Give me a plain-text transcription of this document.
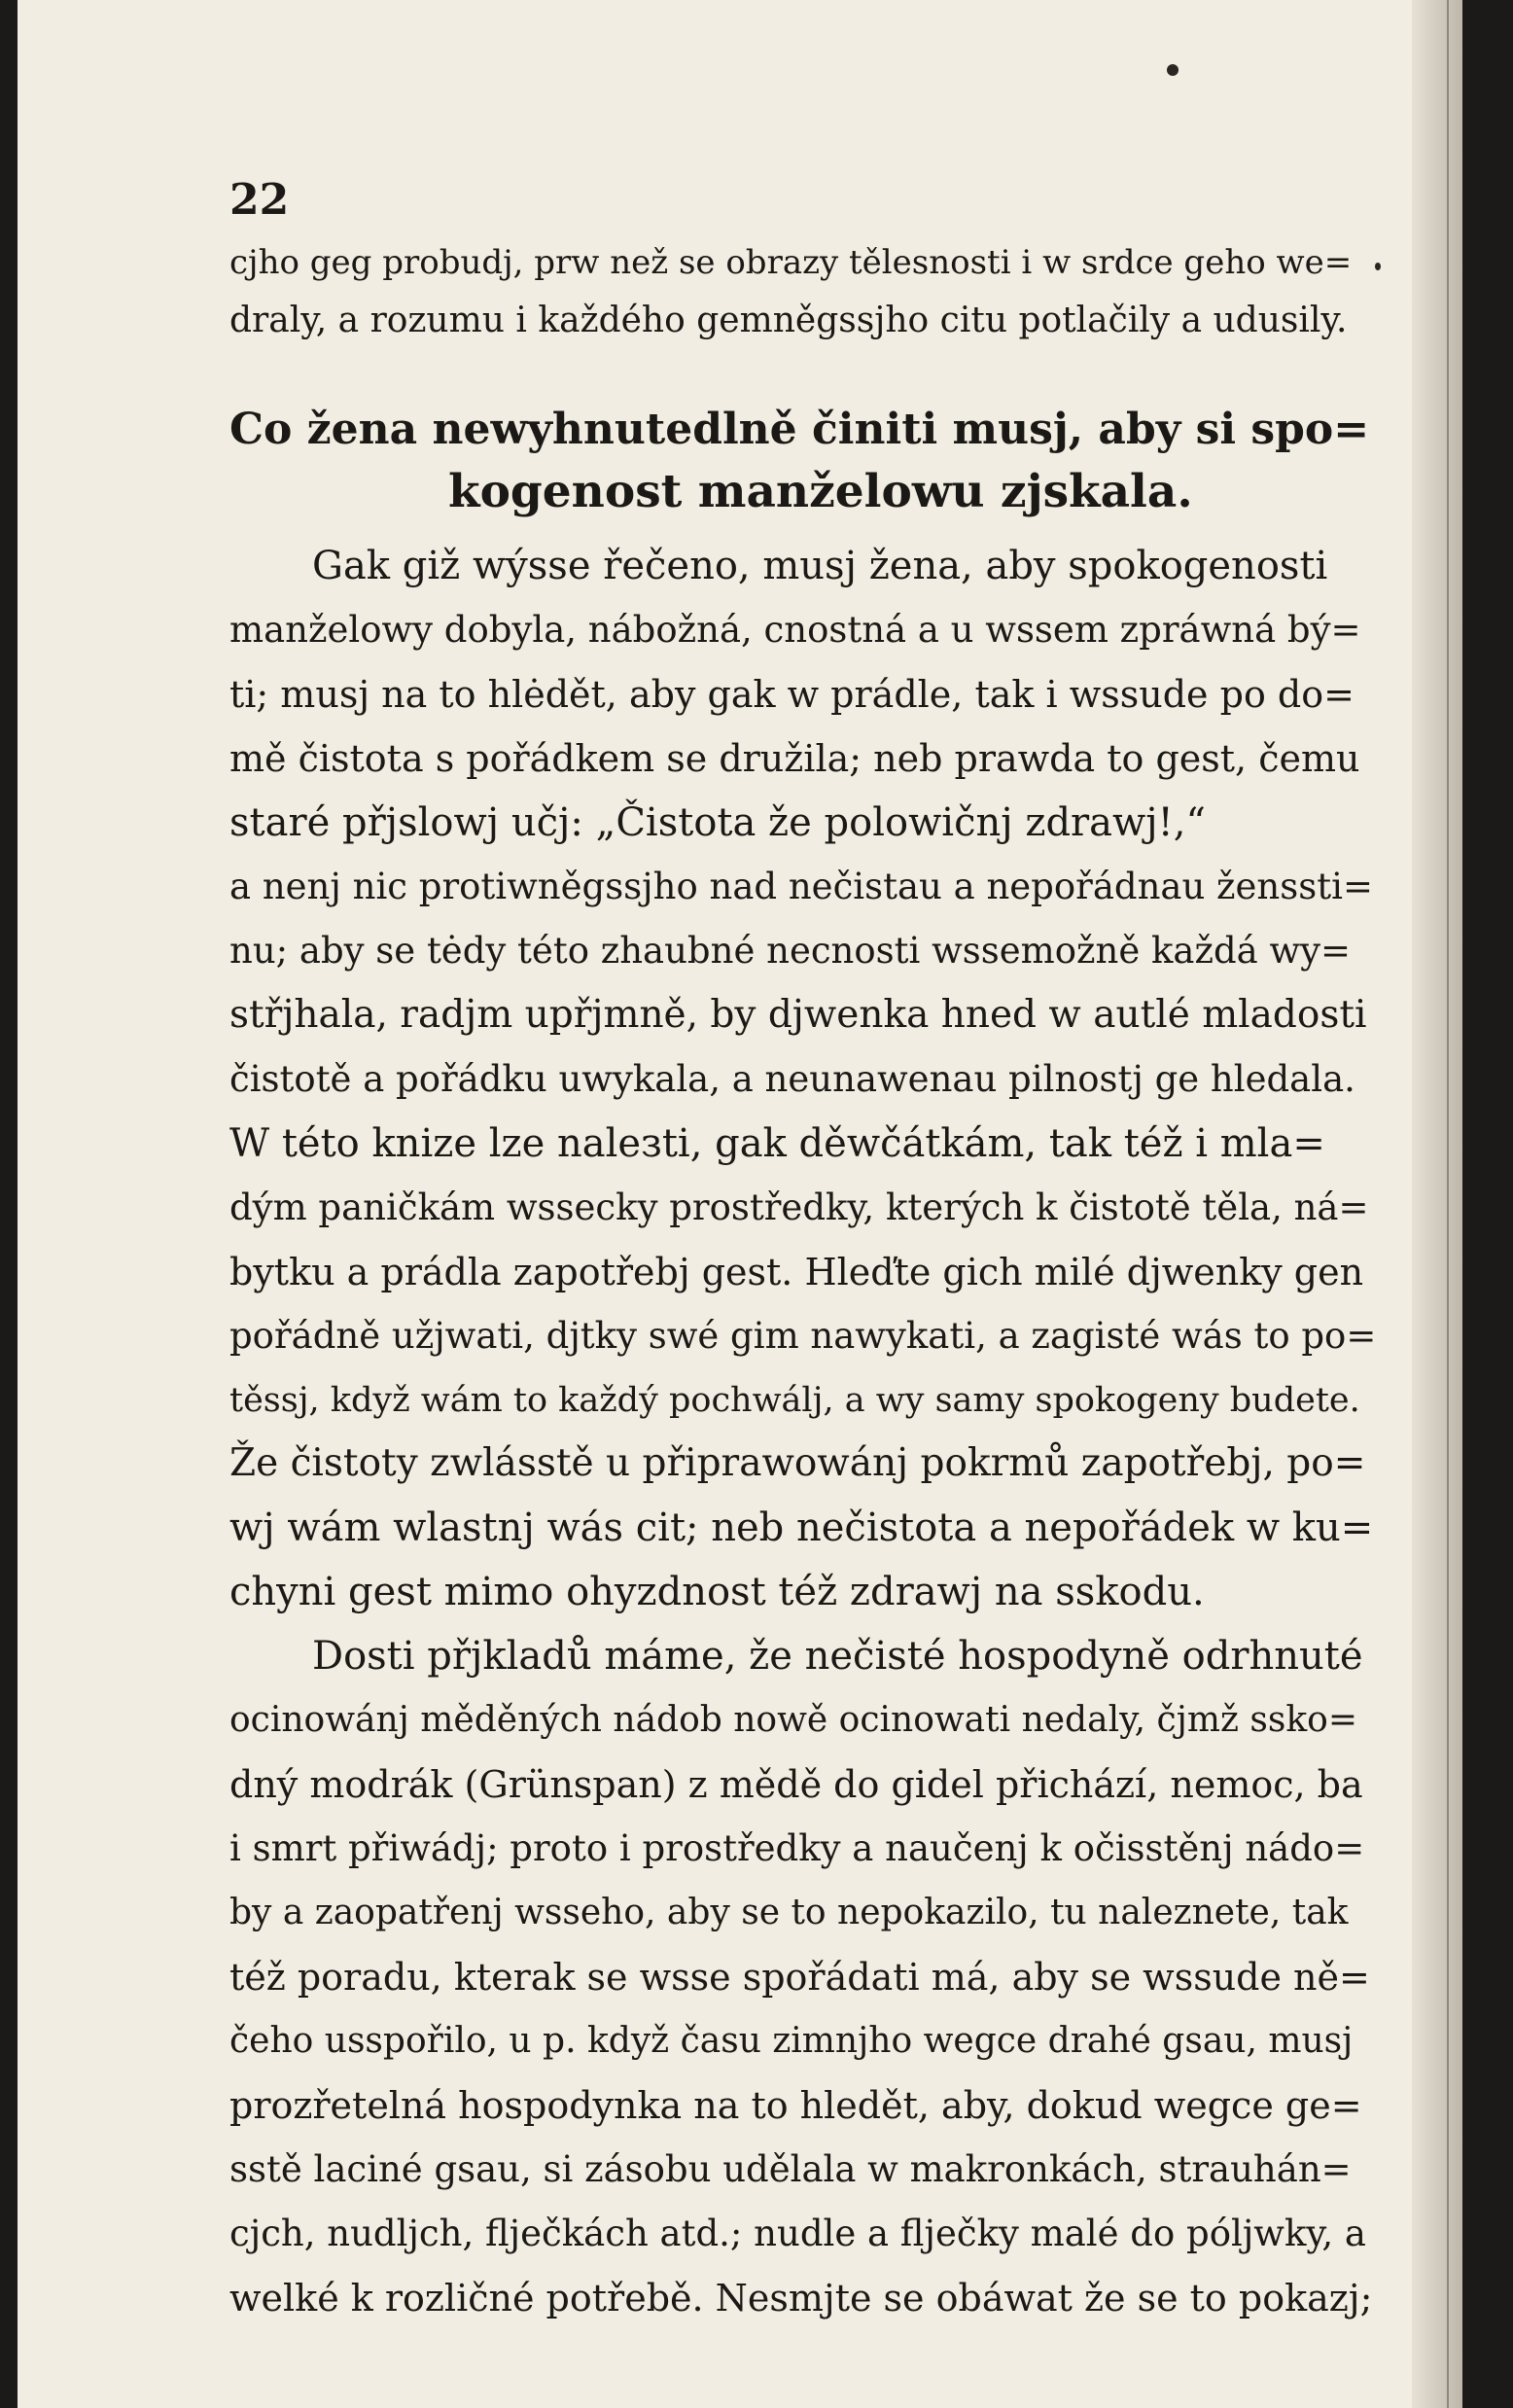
22
Co žena newyhnutedlně činiti musj, aby si spo=
kogenost manželowu zjskala.
cjho geg probudj, prw než se obrazy tělesnosti i w srdce geho we=
draly, a rozumu i každého gemněgssjho citu potlačily a udusily.
Gak giž wýsse řečeno, musj žena, aby spokogenosti
manželowy dobyla, nábožná, cnostná a u wssem zpráwná bý=
ti; musj na to hlėdět, aby gak w prádle, tak i wssude po do=
mě čistota s pořádkem se družila; neb prawda to gest, čemu
staré přjslowj učj: „Čistota že polowičnj zdrawj!,“
a nenj nic protiwněgssjho nad nečistau a nepořádnau ženssti=
nu; aby se tėdy této zhaubné necnosti wssemožně každá wy=
střjhala, radjm upřjmně, by djwenka hned w autlé mladosti
čistotě a pořádku uwykala, a neunawenau pilnostj ge hledala.
W této knize lze naleзti, gak děwčátkám, tak též i mla=
dým paničkám wssecky prostředky, kterých k čistotě těla, ná=
bytku a prádla zapotřebj gest. Hleďte gich milé djwenky gen
pořádně užjwati, djtky swé gim nawykati, a zagisté wás to po=
těssj, když wám to každý pochwálj, a wy samy spokogeny budete.
Že čistoty zwlásstě u připrawowánj pokrmů zapotřebj, po=
wj wám wlastnj wás cit; neb nečistota a nepořádek w ku=
chyni gest mimo ohyzdnost též zdrawj na sskodu.
Dosti přjkladů máme, že nečisté hospodyně odrhnuté
ocinowánj měděných nádob nowě ocinowati nedaly, čjmž ssko=
dný modrák (Grünspan) z mědě do gidel přichází, nemoc, ba
i smrt přiwádj; proto i prostředky a naučenj k očisstěnj nádo=
by a zaopatřenj wsseho, aby se to nepokazilo, tu naleznete, tak
též poradu, kterak se wsse spořádati má, aby se wssude ně=
čeho usspořilo, u p. když času zimnjho wegce drahé gsau, musj
prozřetelná hospodynka na to hledět, aby, dokud wegce ge=
sstě laciné gsau, si zásobu udělala w makronkách, strauhán=
cjch, nudljch, flječkách atd.; nudle a flječky malé do pólj​wky, a
welké k rozličné potřebě. Nesmjte se obáwat že se to pokazj;
